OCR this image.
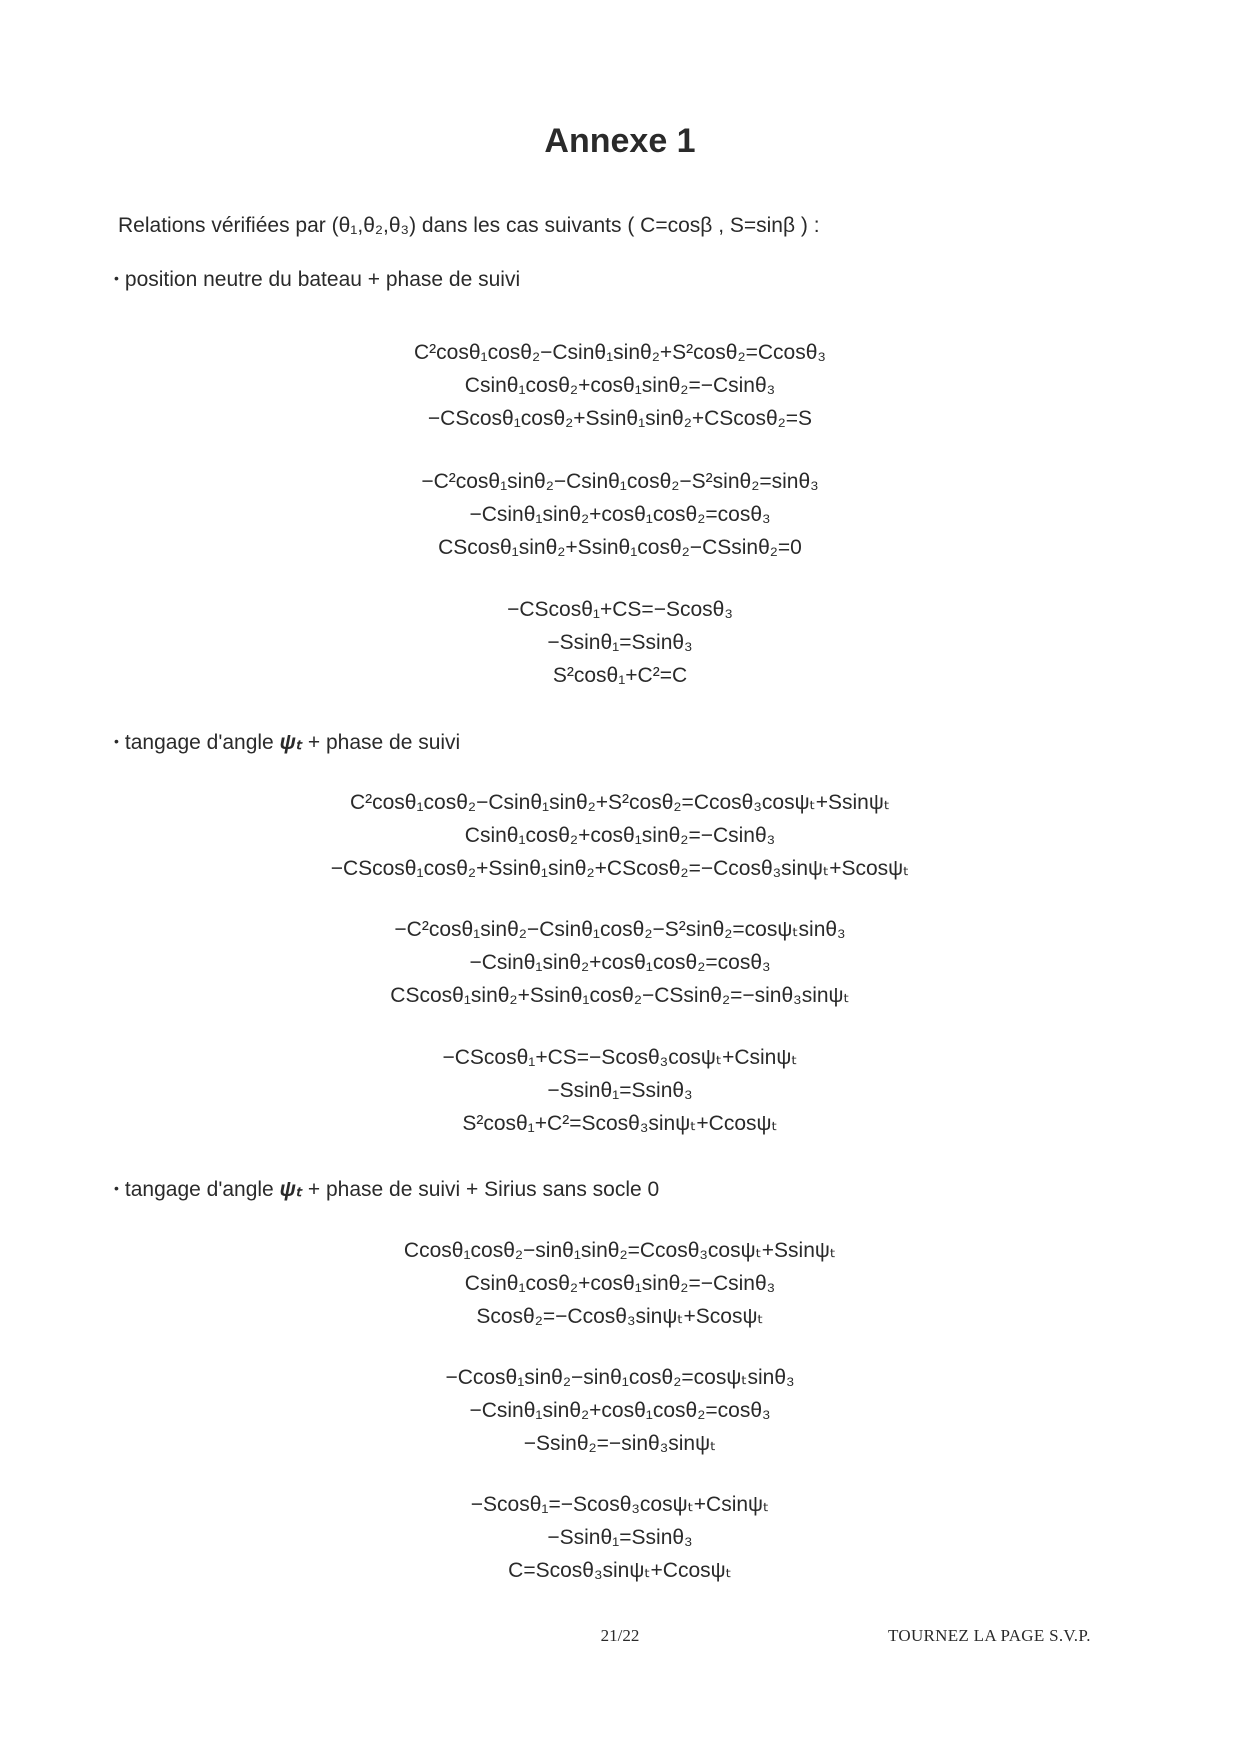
Annexe 1
Relations vérifiées par (θ₁,θ₂,θ₃) dans les cas suivants ( C=cosβ , S=sinβ ) :
• position neutre du bateau + phase de suivi
C²cosθ₁cosθ₂−Csinθ₁sinθ₂+S²cosθ₂=Ccosθ₃
Csinθ₁cosθ₂+cosθ₁sinθ₂=−Csinθ₃
−CScosθ₁cosθ₂+Ssinθ₁sinθ₂+CScosθ₂=S
−C²cosθ₁sinθ₂−Csinθ₁cosθ₂−S²sinθ₂=sinθ₃
−Csinθ₁sinθ₂+cosθ₁cosθ₂=cosθ₃
CScosθ₁sinθ₂+Ssinθ₁cosθ₂−CSsinθ₂=0
−CScosθ₁+CS=−Scosθ₃
−Ssinθ₁=Ssinθ₃
S²cosθ₁+C²=C
• tangage d'angle ψₜ + phase de suivi
C²cosθ₁cosθ₂−Csinθ₁sinθ₂+S²cosθ₂=Ccosθ₃cosψₜ+Ssinψₜ
Csinθ₁cosθ₂+cosθ₁sinθ₂=−Csinθ₃
−CScosθ₁cosθ₂+Ssinθ₁sinθ₂+CScosθ₂=−Ccosθ₃sinψₜ+Scosψₜ
−C²cosθ₁sinθ₂−Csinθ₁cosθ₂−S²sinθ₂=cosψₜsinθ₃
−Csinθ₁sinθ₂+cosθ₁cosθ₂=cosθ₃
CScosθ₁sinθ₂+Ssinθ₁cosθ₂−CSsinθ₂=−sinθ₃sinψₜ
−CScosθ₁+CS=−Scosθ₃cosψₜ+Csinψₜ
−Ssinθ₁=Ssinθ₃
S²cosθ₁+C²=Scosθ₃sinψₜ+Ccosψₜ
• tangage d'angle ψₜ + phase de suivi + Sirius sans socle 0
Ccosθ₁cosθ₂−sinθ₁sinθ₂=Ccosθ₃cosψₜ+Ssinψₜ
Csinθ₁cosθ₂+cosθ₁sinθ₂=−Csinθ₃
Scosθ₂=−Ccosθ₃sinψₜ+Scosψₜ
−Ccosθ₁sinθ₂−sinθ₁cosθ₂=cosψₜsinθ₃
−Csinθ₁sinθ₂+cosθ₁cosθ₂=cosθ₃
−Ssinθ₂=−sinθ₃sinψₜ
−Scosθ₁=−Scosθ₃cosψₜ+Csinψₜ
−Ssinθ₁=Ssinθ₃
C=Scosθ₃sinψₜ+Ccosψₜ
21/22	TOURNEZ LA PAGE S.V.P.
